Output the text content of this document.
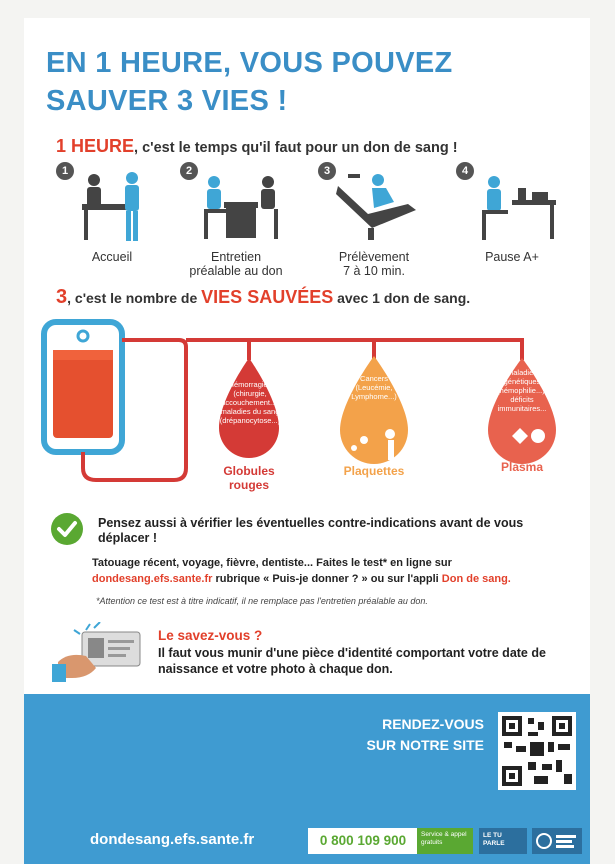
EN 1 HEURE, VOUS POUVEZ
SAUVER 3 VIES !
1 HEURE, c'est le temps qu'il faut pour un don de sang !
1
Accueil
2
Entretien
préalable au don
3
Prélèvement
7 à 10 min.
4
Pause A+
3, c'est le nombre de VIES SAUVÉES avec 1 don de sang.
Hémorragies (chirurgie, accouchement...) maladies du sang (drépanocytose...)
Cancers (Leucémie, Lymphome...)
Maladies génétiques (hémophilie...), déficits immunitaires...
Globules rouges
Plaquettes	Plasma
Pensez aussi à vérifier les éventuelles contre-indications avant de vous déplacer !
Tatouage récent, voyage, fièvre, dentiste... Faites le test* en ligne sur
dondesang.efs.sante.fr rubrique « Puis-je donner ? » ou sur l'appli Don de sang.
*Attention ce test est à titre indicatif, il ne remplace pas l'entretien préalable au don.
Le savez-vous ?
Il faut vous munir d'une pièce d'identité comportant votre date de naissance et votre photo à chaque don.
RENDEZ-VOUS
SUR NOTRE SITE
dondesang.efs.sante.fr	0 800 109 900	Service & appel gratuits
LE TU
PARLE
